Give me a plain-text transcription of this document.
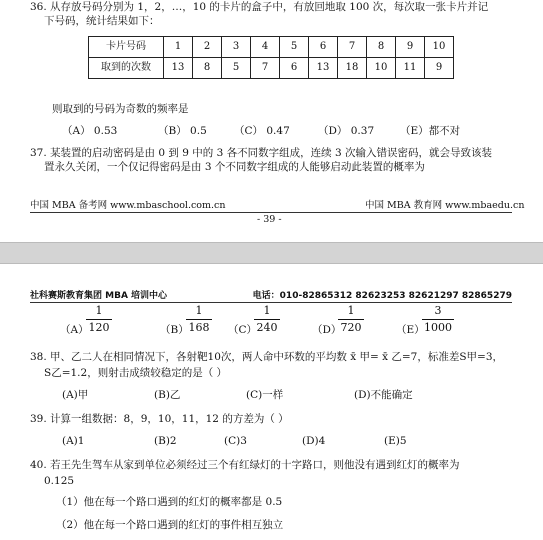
36. 从存放号码分别为 1，2，…，10 的卡片的盒子中，有放回地取 100 次，每次取一张卡片并记
下号码，统计结果如下：
卡片号码	1	2	3	4	5	6	7	8	9	10
取到的次数	13	8	5	7	6	13	18	10	11	9
则取到的号码为奇数的频率是
（A） 0.53	（B） 0.5	（C） 0.47	（D） 0.37	（E）都不对
37. 某装置的启动密码是由 0 到 9 中的 3 各不同数字组成，连续 3 次输入错误密码，就会导致该装
置永久关闭，一个仅记得密码是由 3 个不同数字组成的人能够启动此装置的概率为
中国 MBA 备考网 www.mbaschool.com.cn	中国 MBA 教育网 www.mbaedu.cn
- 39 -
社科赛斯教育集团 MBA 培训中心	电话：010-82865312 82623253 82621297 82865279
（A）
$\frac{1}{120}$	（B）
$\frac{1}{168} (C)$
$\frac{1}{240}$	（D）
$\frac{1}{720}$	（E）
$\frac{3}{1000}$
38. 甲、乙二人在相同情况下，各射靶10次，两人命中环数的平均数 x̄ 甲= x̄ 乙=7，标准差S甲=3，
S乙=1.2，则射击成绩较稳定的是（ ）
(A)甲	(B)乙	(C)一样	(D)不能确定
39. 计算一组数据：8，9，10，11，12 的方差为（ ）
(A)1	(B)2	(C)3	(D)4	(E)5
40. 若王先生驾车从家到单位必须经过三个有红绿灯的十字路口，则他没有遇到红灯的概率为
0.125
（1）他在每一个路口遇到的红灯的概率都是 0.5
（2）他在每一个路口遇到的红灯的事件相互独立
